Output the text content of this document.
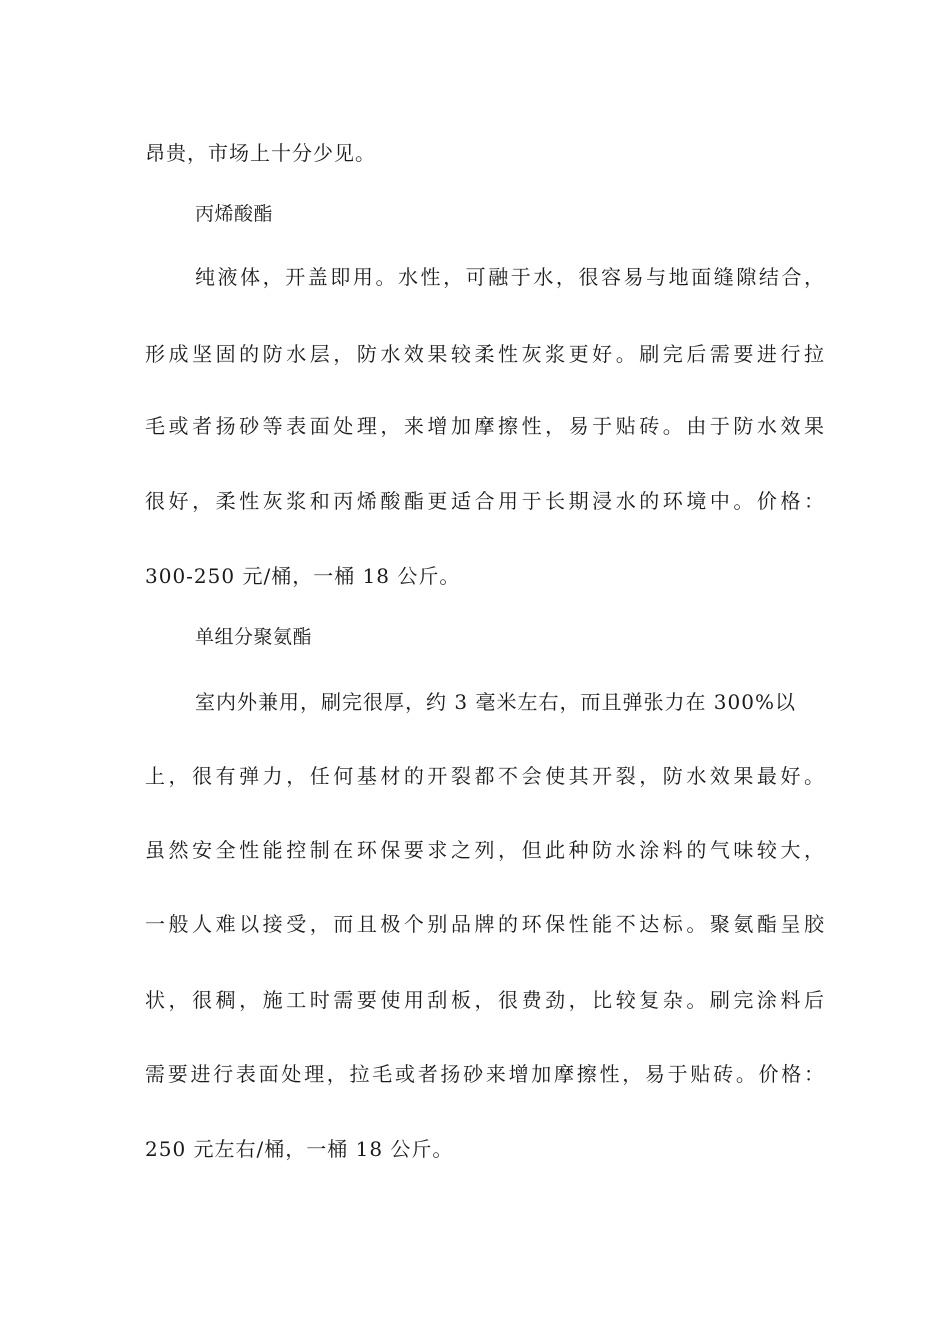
昂贵，市场上十分少见。
丙烯酸酯
纯液体，开盖即用。水性，可融于水，很容易与地面缝隙结合，
形成坚固的防水层，防水效果较柔性灰浆更好。刷完后需要进行拉
毛或者扬砂等表面处理，来增加摩擦性，易于贴砖。由于防水效果
很好，柔性灰浆和丙烯酸酯更适合用于长期浸水的环境中。价格：
300-250 元/桶，一桶 18 公斤。
单组分聚氨酯
室内外兼用，刷完很厚，约 3 毫米左右，而且弹张力在 300%以
上，很有弹力，任何基材的开裂都不会使其开裂，防水效果最好。
虽然安全性能控制在环保要求之列，但此种防水涂料的气味较大，
一般人难以接受，而且极个别品牌的环保性能不达标。聚氨酯呈胶
状，很稠，施工时需要使用刮板，很费劲，比较复杂。刷完涂料后
需要进行表面处理，拉毛或者扬砂来增加摩擦性，易于贴砖。价格：
250 元左右/桶，一桶 18 公斤。
